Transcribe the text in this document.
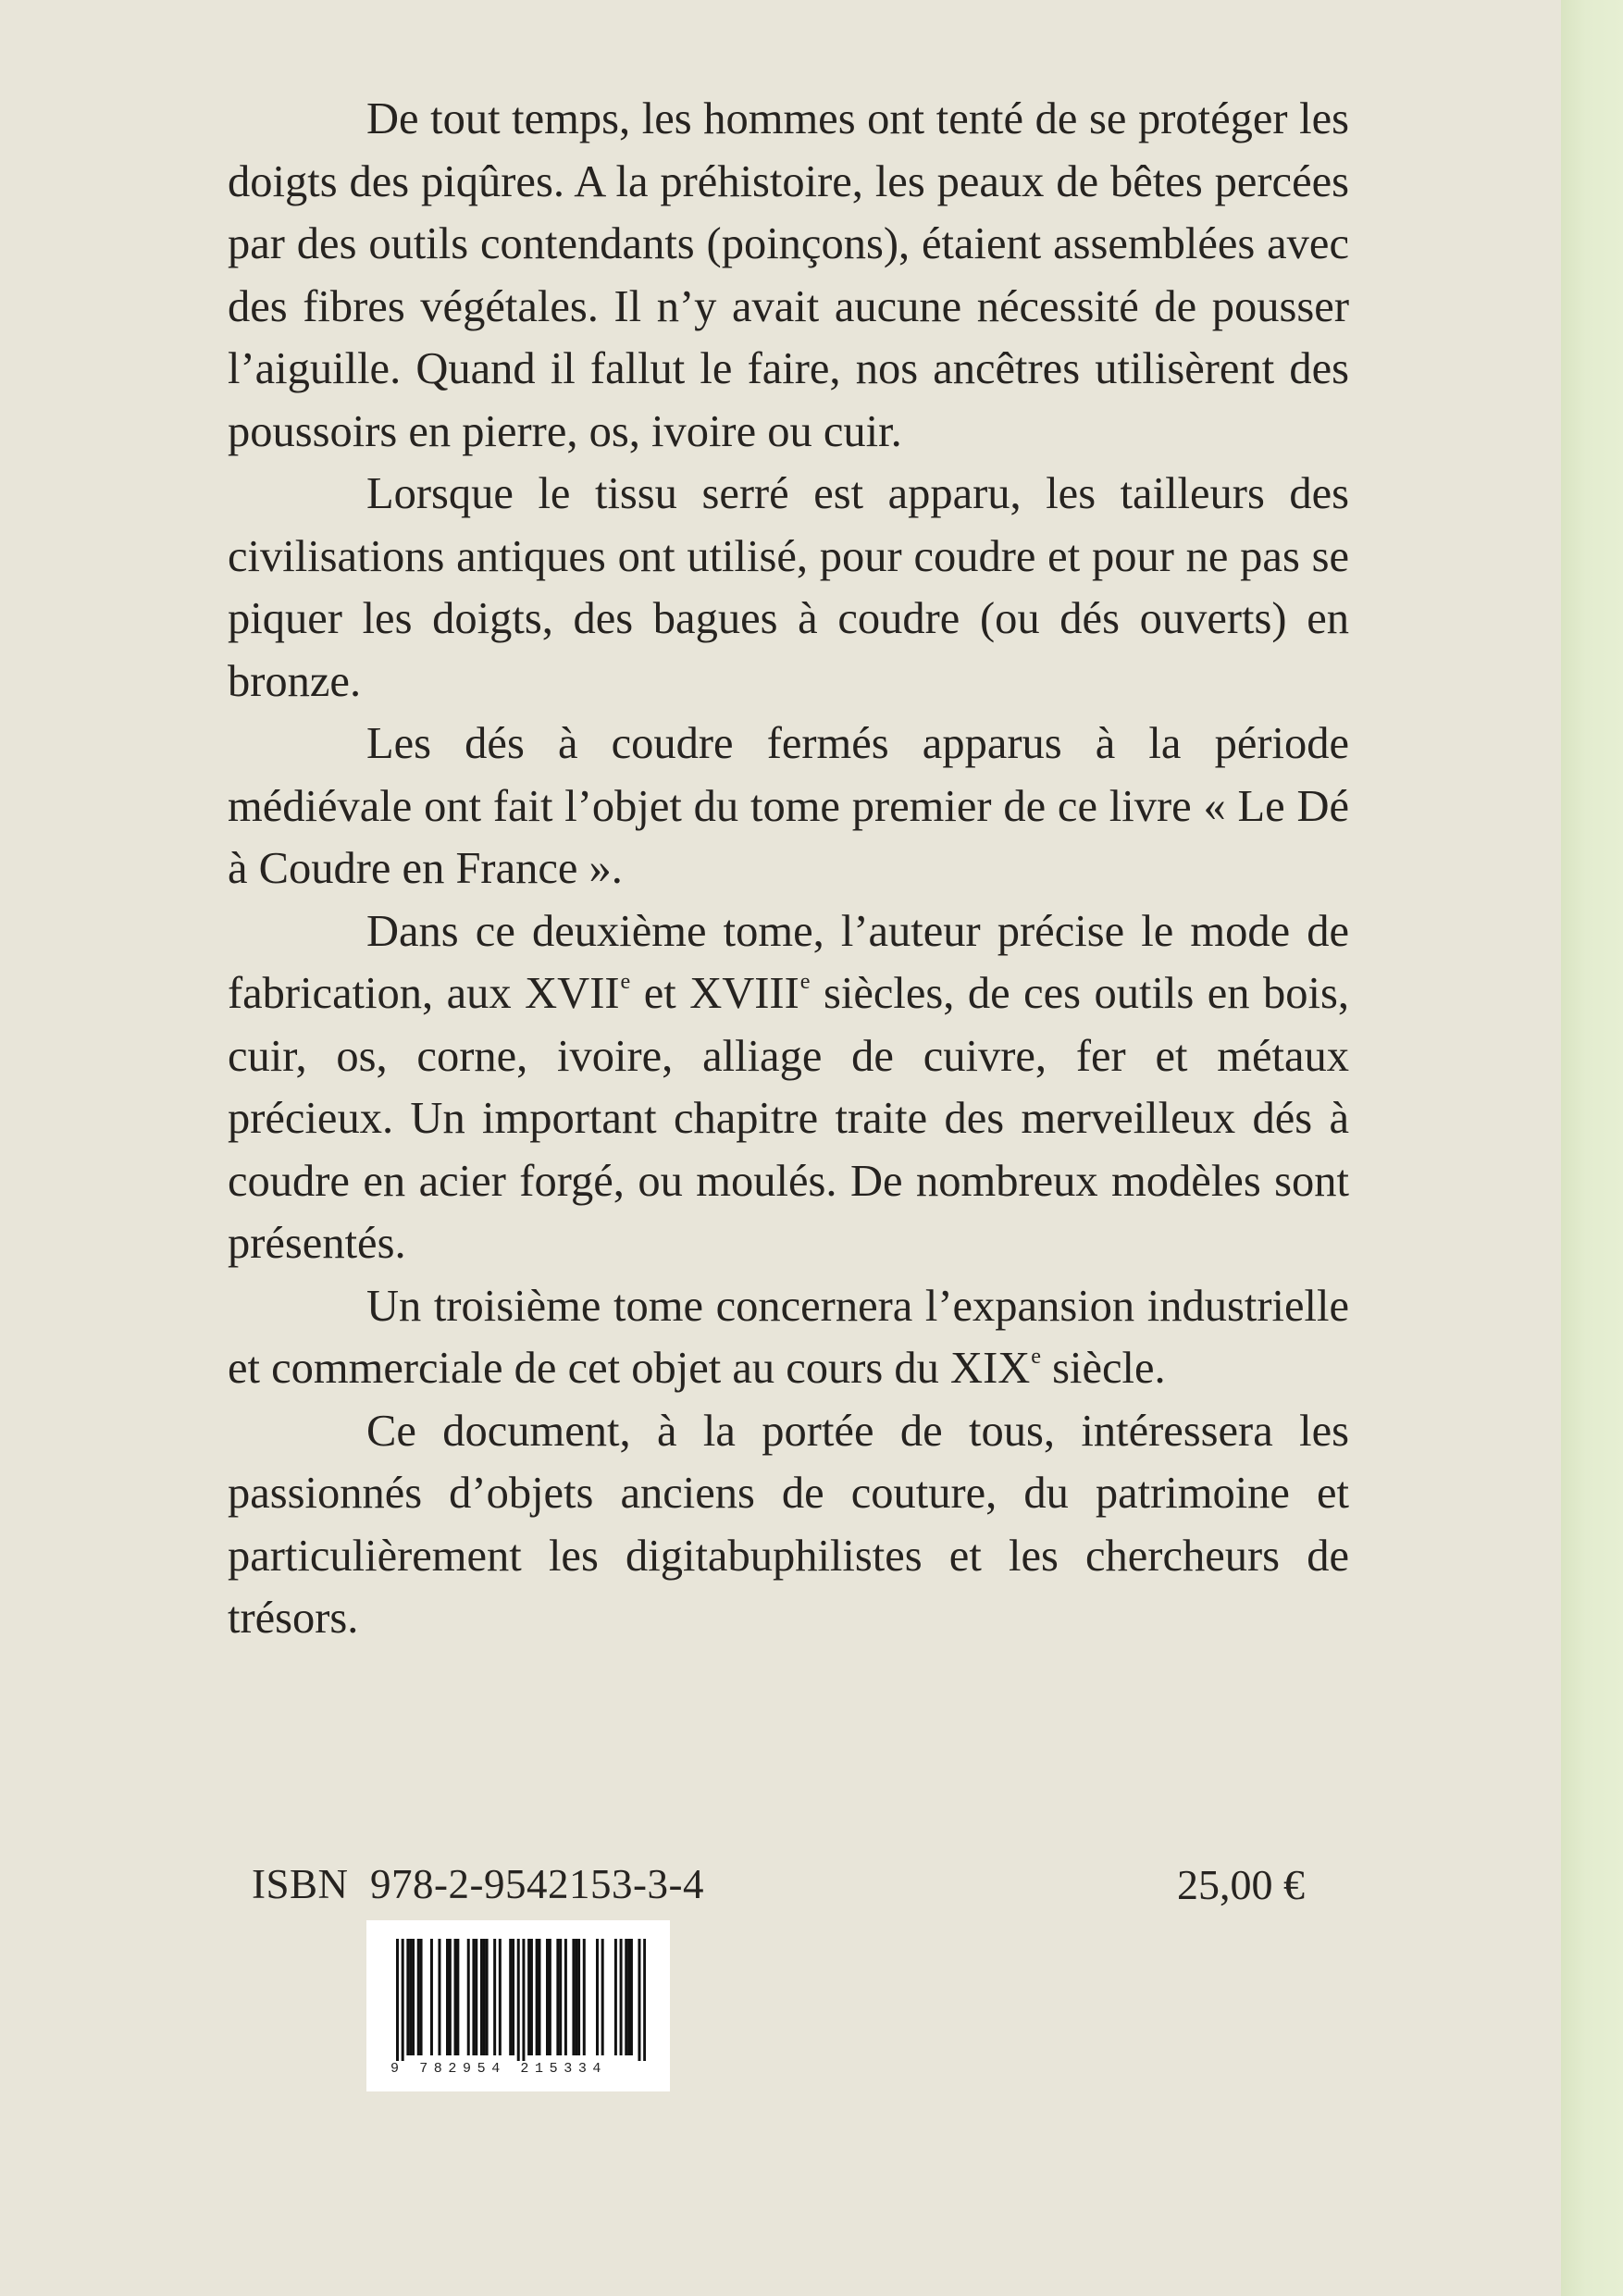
De tout temps, les hommes ont tenté de se protéger les doigts des piqûres. A la préhistoire, les peaux de bêtes percées par des outils contendants (poinçons), étaient assemblées avec des fibres végétales. Il n’y avait aucune nécessité de pousser l’aiguille. Quand il fallut le faire, nos ancêtres utilisèrent des poussoirs en pierre, os, ivoire ou cuir.

Lorsque le tissu serré est apparu, les tailleurs des civilisations antiques ont utilisé, pour coudre et pour ne pas se piquer les doigts, des bagues à coudre (ou dés ouverts) en bronze.

Les dés à coudre fermés apparus à la période médiévale ont fait l’objet du tome premier de ce livre « Le Dé à Coudre en France ».

Dans ce deuxième tome, l’auteur précise le mode de fabrication, aux XVIIe et XVIIIe siècles, de ces outils en bois, cuir, os, corne, ivoire, alliage de cuivre, fer et métaux précieux. Un important chapitre traite des merveilleux dés à coudre en acier forgé, ou moulés. De nombreux modèles sont présentés.

Un troisième tome concernera l’expansion industrielle et commerciale de cet objet au cours du XIXe siècle.

Ce document, à la portée de tous, intéressera les passionnés d’objets anciens de couture, du patrimoine et particulièrement les digitabuphilistes et les chercheurs de trésors.

ISBN  978-2-9542153-3-4	25,00 €
9 782954 215334
